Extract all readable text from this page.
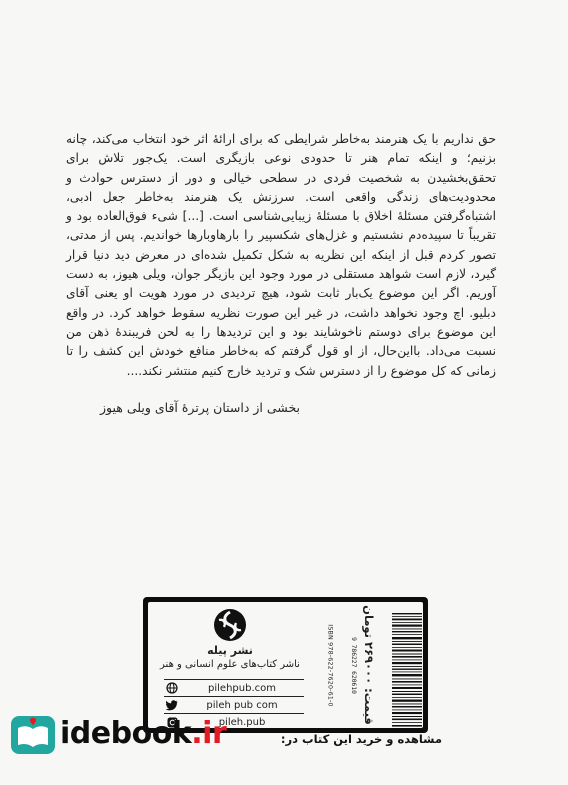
حق نداریم با یک هنرمند به‌خاطر شرایطی که برای ارائهٔ اثر خود انتخاب می‌کند، چانه بزنیم؛ و اینکه تمام هنر تا حدودی نوعی بازیگری است. یک‌جور تلاش برای تحقق‌بخشیدن به شخصیت فردی در سطحی خیالی و دور از دسترس حوادث و محدودیت‌های زندگی واقعی است. سرزنش یک هنرمند به‌خاطر جعل ادبی، اشتباه‌گرفتن مسئلهٔ اخلاق با مسئلهٔ زیبایی‌شناسی است. [...] شیء فوق‌العاده بود و تقریباً تا سپیده‌دم نشستیم و غزل‌های شکسپیر را بارها‌وبارها خواندیم. پس از مدتی، تصور کردم قبل از اینکه این نظریه به شکل تکمیل شده‌ای در معرض دید دنیا قرار گیرد، لازم است شواهد مستقلی در مورد وجود این بازیگر جوان، ویلی هیوز، به دست آوریم. اگر این موضوع یک‌بار ثابت شود، هیچ تردیدی در مورد هویت او یعنی آقای دبلیو. اچ وجود نخواهد داشت، در غیر این صورت نظریه سقوط خواهد کرد. در واقع این موضوع برای دوستم ناخوشایند بود و این تردیدها را به لحن فریبندهٔ ذهن من نسبت می‌داد. بااین‌حال، از او قول گرفتم که به‌خاطر منافع خودش این کشف را تا زمانی که کل موضوع را از دسترس شک و تردید خارج کنیم منتشر نکند....

بخشی از داستان پرترهٔ آقای ویلی هیوز
نشر پیله
ناشر کتاب‌های علوم انسانی و هنر
pilehpub.com
pileh pub com
pileh.pub
ISBN 978-622-7620-61-0
قیمت: ۲۶۹۰۰۰ تومان
9 786227 620610
idebook.ir	مشاهده و خرید این کتاب در:
